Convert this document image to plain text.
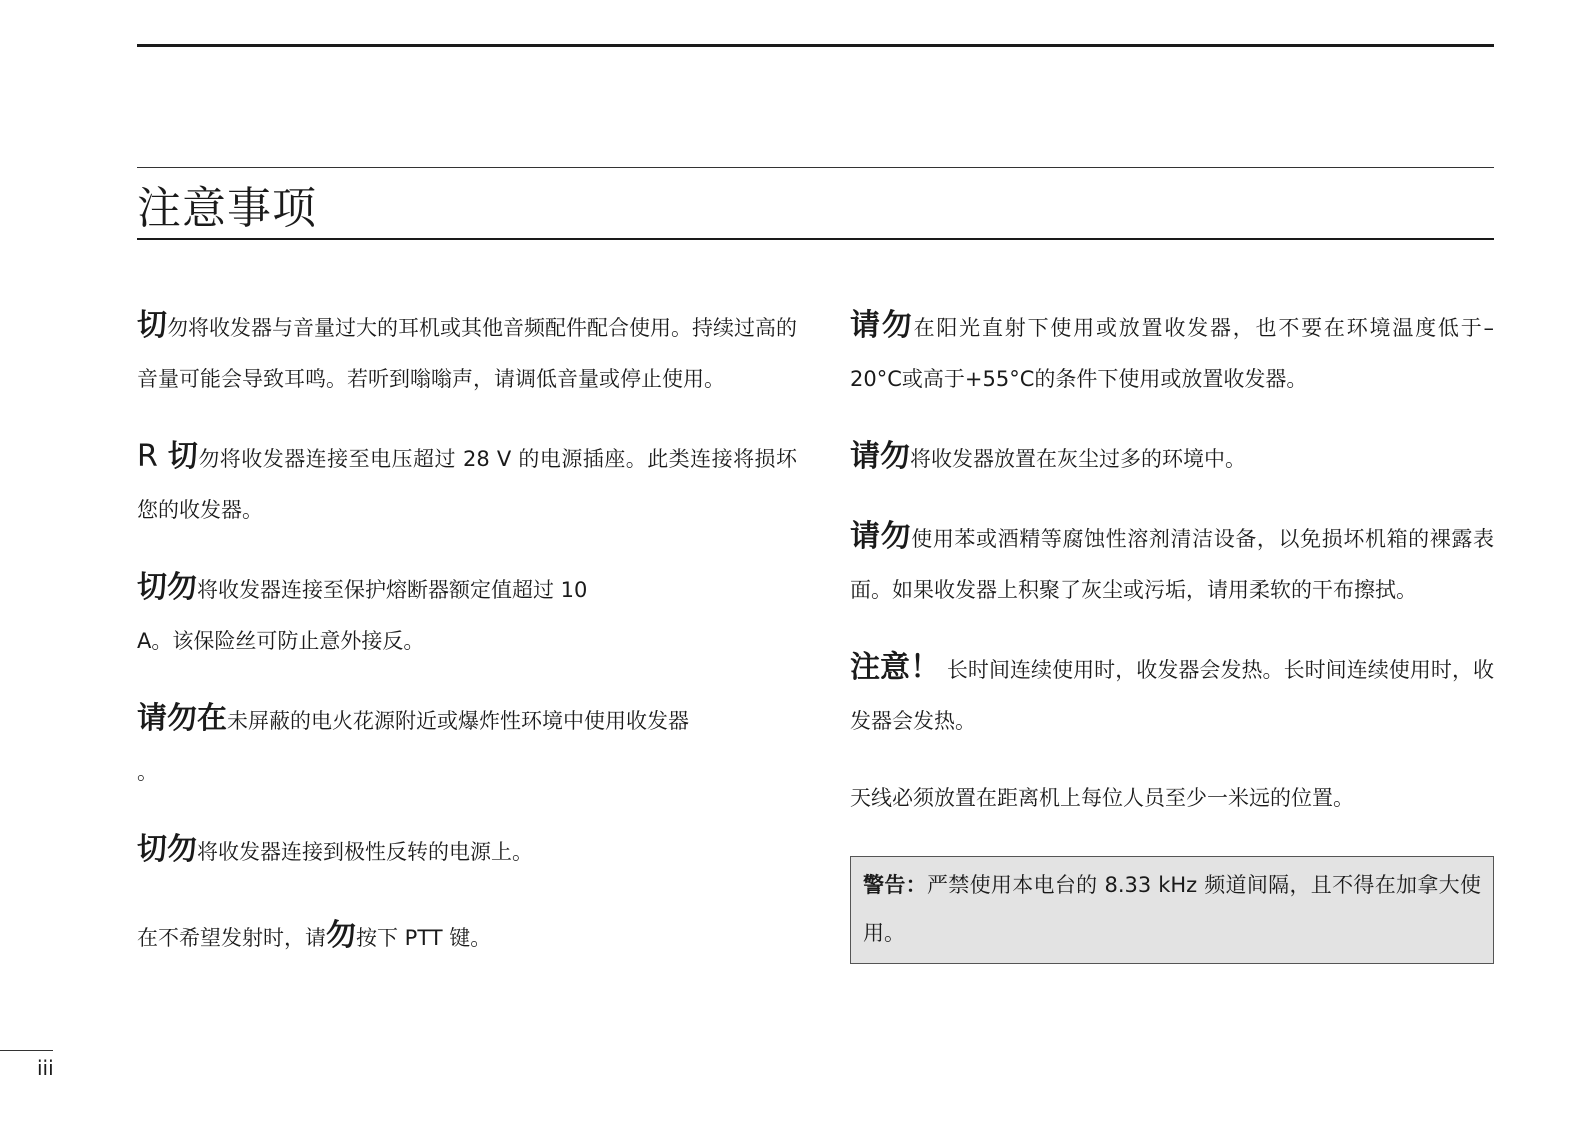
注意事项

切勿将收发器与音量过大的耳机或其他音频配件配合使用。持续过高的音量可能会导致耳鸣。若听到嗡嗡声，请调低音量或停止使用。

R 切勿将收发器连接至电压超过 28 V 的电源插座。此类连接将损坏您的收发器。

切勿将收发器连接至保护熔断器额定值超过 10

A。该保险丝可防止意外接反。

请勿在未屏蔽的电火花源附近或爆炸性环境中使用收发器

。

切勿将收发器连接到极性反转的电源上。

在不希望发射时，请勿按下 PTT 键。

请勿在阳光直射下使用或放置收发器，也不要在环境温度低于–20°C或高于+55°C的条件下使用或放置收发器。

请勿将收发器放置在灰尘过多的环境中。

请勿使用苯或酒精等腐蚀性溶剂清洁设备，以免损坏机箱的裸露表面。如果收发器上积聚了灰尘或污垢，请用柔软的干布擦拭。

注意！ 长时间连续使用时，收发器会发热。长时间连续使用时，收发器会发热。

天线必须放置在距离机上每位人员至少一米远的位置。

警告：严禁使用本电台的 8.33 kHz 频道间隔，且不得在加拿大使用。

iii
